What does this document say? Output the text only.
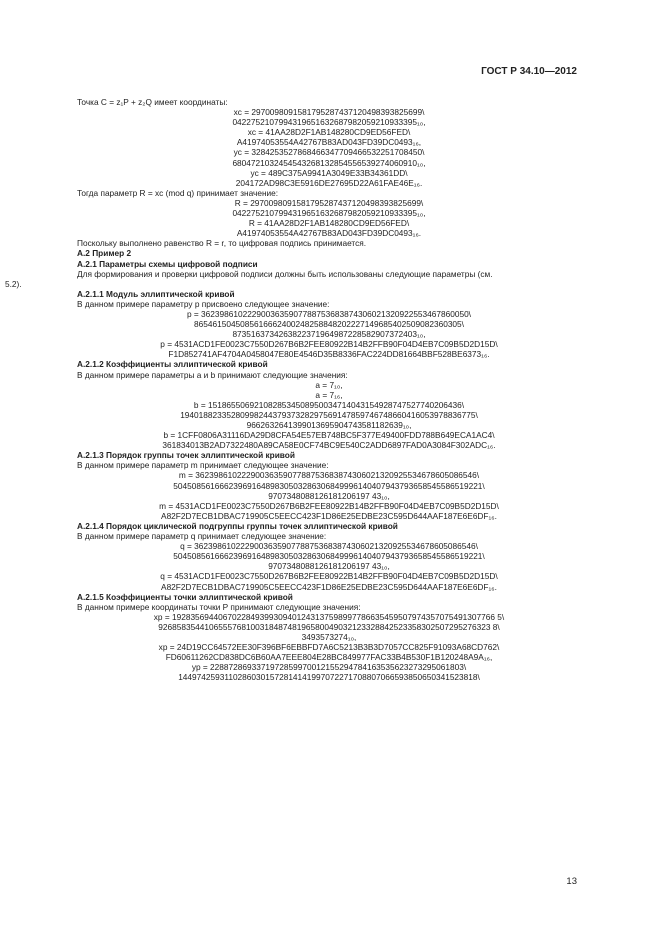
ГОСТ Р 34.10—2012

Точка C = z₁P + z₂Q имеет координаты:

xc = 2970098091581795287437120498393825699\

0422752107994319651632687982059210933395₁₀,

xc = 41AA28D2F1AB148280CD9ED56FED\

A41974053554A42767B83AD043FD39DC0493₁₆,

yc = 3284253527868466347709466532251708450\

6804721032454543268132854556539274060910₁₀,

yc = 489C375A9941A3049E33B34361DD\

204172AD98C3E5916DE27695D22A61FAE46E₁₆.

Тогда параметр R = xc (mod q) принимает значение:

R = 2970098091581795287437120498393825699\

0422752107994319651632687982059210933395₁₀,

R = 41AA28D2F1AB148280CD9ED56FED\

A41974053554A42767B83AD043FD39DC0493₁₆.

Поскольку выполнено равенство R = r, то цифровая подпись принимается.

A.2 Пример 2

A.2.1 Параметры схемы цифровой подписи

Для формирования и проверки цифровой подписи должны быть использованы следующие параметры (см.

5.2).

A.2.1.1 Модуль эллиптической кривой

В данном примере параметру p присвоено следующее значение:

p = 3623986102229003635907788753683874306021320922553467860050\

8654615045085616662400248258848202227149685402509082360305\

8735163734263822371964987228582907372403₁₀,

p = 4531ACD1FE0023C7550D267B6B2FEE80922B14B2FFB90F04D4EB7C09B5D2D15D\

F1D852741AF4704A0458047E80E4546D35B8336FAC224DD81664BBF528BE6373₁₆.

A.2.1.2 Коэффициенты эллиптической кривой

В данном примере параметры a и b принимают следующие значения:

a = 7₁₀,

a = 7₁₆,

b = 1518655069210828534508950034714043154928747527740206436\

1940188233528099824437937328297569147859746748660416053978836775\

9662632641399013695904743581182639₁₀,

b = 1CFF0806A31116DA29D8CFA54E57EB748BC5F377E49400FDD788B649ECA1AC4\

361834013B2AD7322480A89CA58E0CF74BC9E540C2ADD6897FAD0A3084F302ADC₁₆.

A.2.1.3 Порядок группы точек эллиптической кривой

В данном примере параметр m принимает следующее значение:

m = 3623986102229003635907788753683874306021320925534678605086546\

5045085616662396916489830503286306849996140407943793658545586519221\

9707348088126181206197 43₁₀,

m = 4531ACD1FE0023C7550D267B6B2FEE80922B14B2FFB90F04D4EB7C09B5D2D15D\

A82F2D7ECB1DBAC719905C5EECC423F1D86E25EDBE23C595D644AAF187E6E6DF₁₆.

A.2.1.4 Порядок циклической подгруппы группы точек эллиптической кривой

В данном примере параметр q принимает следующее значение:

q = 3623986102229003635907788753683874306021320925534678605086546\

5045085616662396916489830503286306849996140407943793658545586519221\

9707348088126181206197 43₁₀,

q = 4531ACD1FE0023C7550D267B6B2FEE80922B14B2FFB90F04D4EB7C09B5D2D15D\

A82F2D7ECB1DBAC719905C5EECC423F1D86E25EDBE23C595D644AAF187E6E6DF₁₆.

A.2.1.5 Коэффициенты точки эллиптической кривой

В данном примере координаты точки P принимают следующие значения:

xp = 1928356944067022849399309401243137598997786635459507974357075491307766 5\

926858354410655576810031848748196580049032123328842523358302507295276323 8\

3493573274₁₀,

xp = 24D19CC64572EE30F396BF6EBBFD7A6C5213B3B3D7057CC825F91093A68CD762\

FD60611262CD838DC6B60AA7EEE804E28BC849977FAC33B4B530F1B120248A9A₁₆,

yp = 2288728693371972859970012155294784163535623273295061803\

14497425931102860301572814141997072271708807066593850650341523818\

13
